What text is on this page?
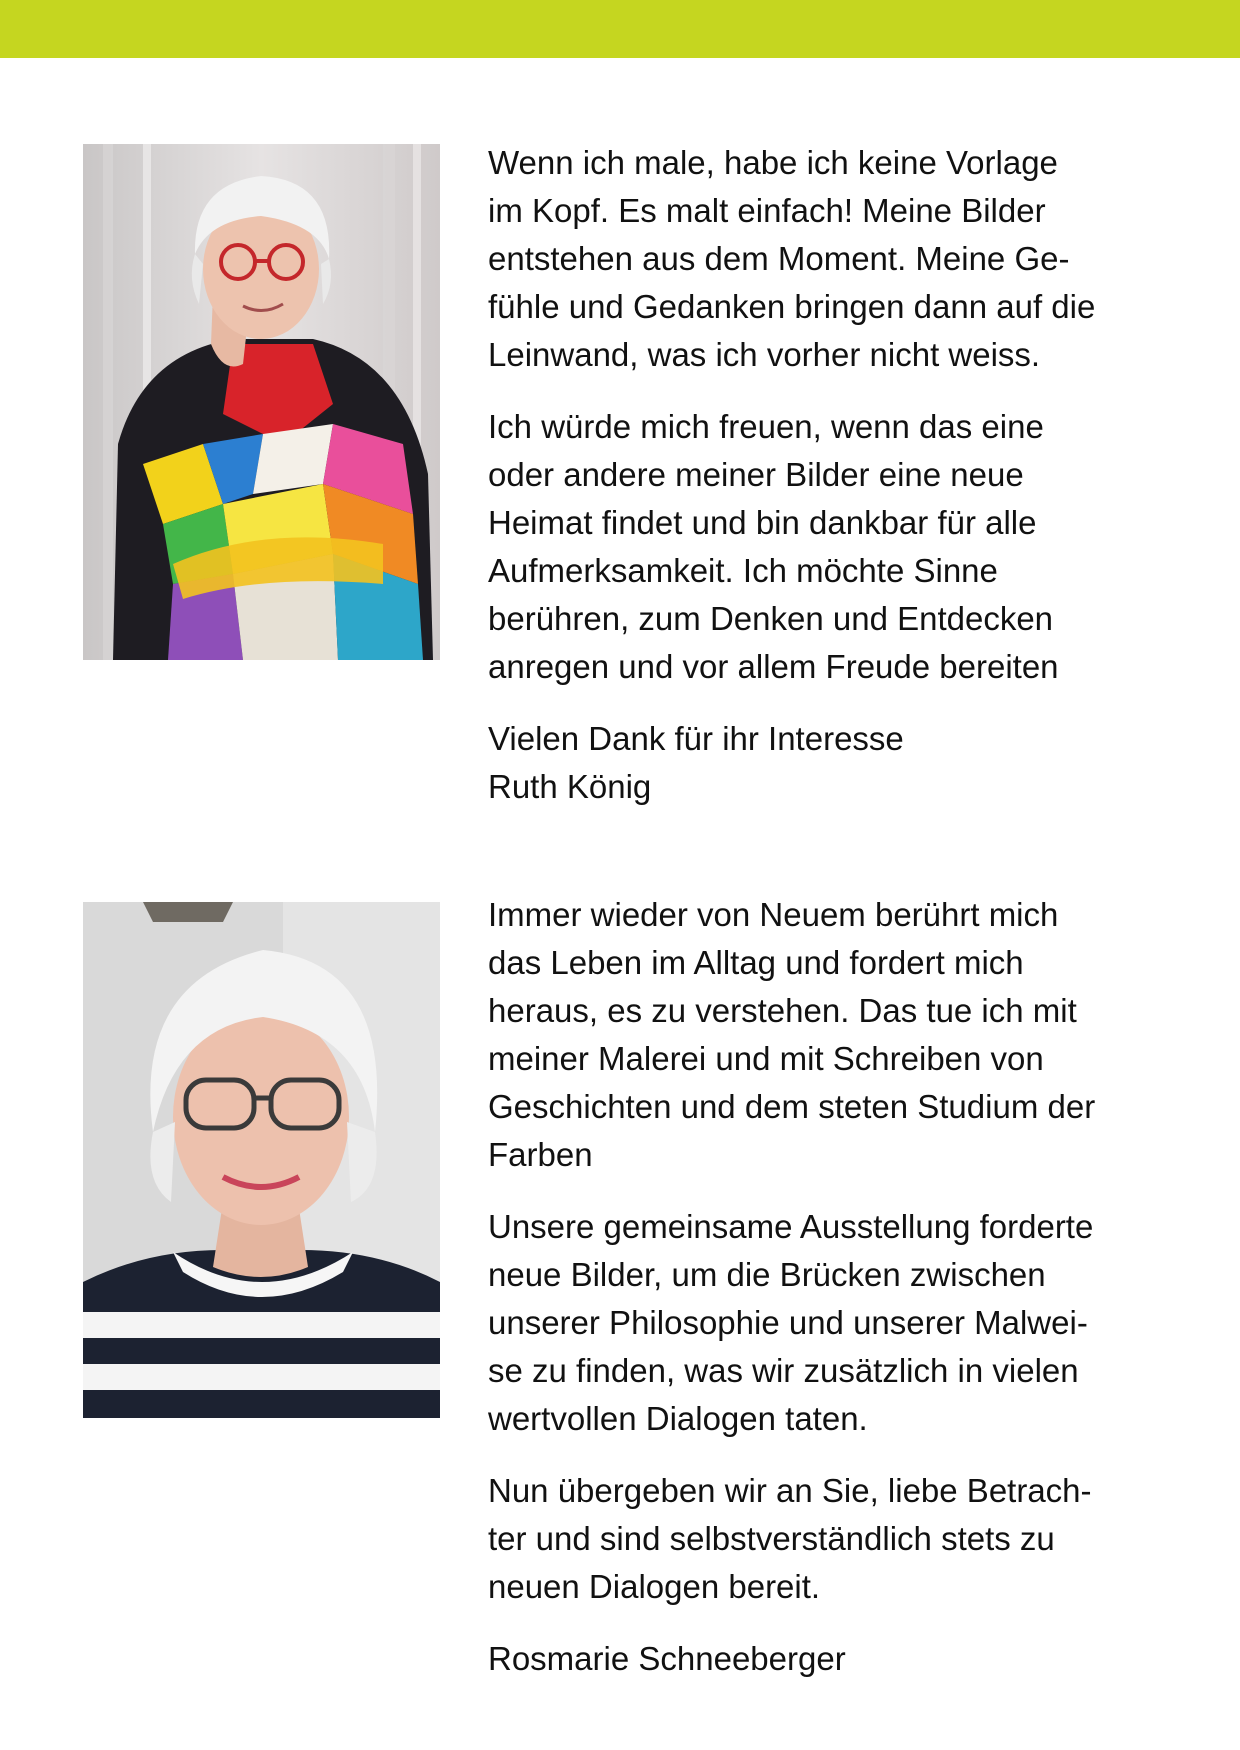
Wenn ich male, habe ich keine Vorlage
im Kopf. Es malt einfach! Meine Bilder
entstehen aus dem Moment. Meine Ge-
fühle und Gedanken bringen dann auf die
Leinwand, was ich vorher nicht weiss.

Ich würde mich freuen, wenn das eine
oder andere meiner Bilder eine neue
Heimat findet und bin dankbar für alle
Aufmerksamkeit. Ich möchte Sinne
berühren, zum Denken und Entdecken
anregen und vor allem Freude bereiten

Vielen Dank für ihr Interesse
Ruth König

Immer wieder von Neuem berührt mich
das Leben im Alltag und fordert mich
heraus, es zu verstehen. Das tue ich mit
meiner Malerei und mit Schreiben von
Geschichten und dem steten Studium der
Farben

Unsere gemeinsame Ausstellung forderte
neue Bilder, um die Brücken zwischen
unserer Philosophie und unserer Malwei-
se zu finden, was wir zusätzlich in vielen
wertvollen Dialogen taten.

Nun übergeben wir an Sie, liebe Betrach-
ter und sind selbstverständlich stets zu
neuen Dialogen bereit.

Rosmarie Schneeberger
